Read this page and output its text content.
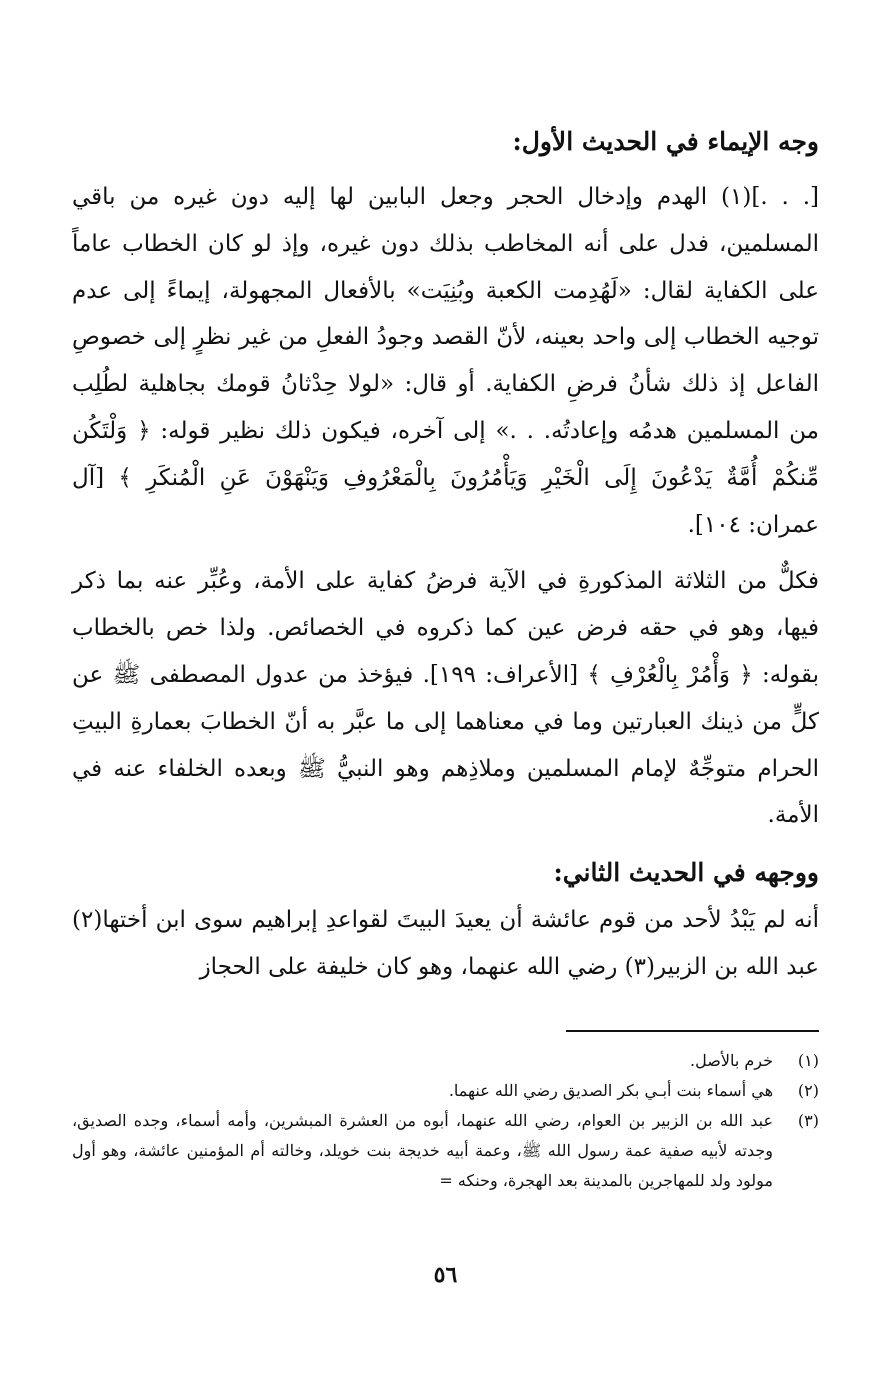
وجه الإيماء في الحديث الأول:

[. . .](١) الهدم وإدخال الحجر وجعل البابين لها إليه دون غيره من باقي المسلمين، فدل على أنه المخاطب بذلك دون غيره، وإذ لو كان الخطاب عاماً على الكفاية لقال: «لَهُدِمت الكعبة وبُنِيَت» بالأفعال المجهولة، إيماءً إلى عدم توجيه الخطاب إلى واحد بعينه، لأنّ القصد وجودُ الفعلِ من غير نظرٍ إلى خصوصِ الفاعل إذ ذلك شأنُ فرضِ الكفاية. أو قال: «لولا حِدْثانُ قومك بجاهلية لطُلِب من المسلمين هدمُه وإعادتُه. . .» إلى آخره، فيكون ذلك نظير قوله: ﴿ وَلْتَكُن مِّنكُمْ أُمَّةٌ يَدْعُونَ إِلَى الْخَيْرِ وَيَأْمُرُونَ بِالْمَعْرُوفِ وَيَنْهَوْنَ عَنِ الْمُنكَرِ ﴾ [آل عمران: ١٠٤].

فكلٌّ من الثلاثة المذكورةِ في الآية فرضُ كفاية على الأمة، وعُبِّر عنه بما ذكر فيها، وهو في حقه فرض عين كما ذكروه في الخصائص. ولذا خص بالخطاب بقوله: ﴿ وَأْمُرْ بِالْعُرْفِ ﴾ [الأعراف: ١٩٩]. فيؤخذ من عدول المصطفى ﷺ عن كلٍّ من ذينك العبارتين وما في معناهما إلى ما عبَّر به أنّ الخطابَ بعمارةِ البيتِ الحرام متوجِّهٌ لإمام المسلمين وملاذِهم وهو النبيُّ ﷺ وبعده الخلفاء عنه في الأمة.

ووجهه في الحديث الثاني:

أنه لم يَبْدُ لأحد من قوم عائشة أن يعيدَ البيتَ لقواعدِ إبراهيم سوى ابن أختها(٢) عبد الله بن الزبير(٣) رضي الله عنهما، وهو كان خليفة على الحجاز

(١)
خرم بالأصل.
(٢)
هي أسماء بنت أبـي بكر الصديق رضي الله عنهما.
(٣)
عبد الله بن الزبير بن العوام، رضي الله عنهما، أبوه من العشرة المبشرين، وأمه أسماء، وجده الصديق، وجدته لأبيه صفية عمة رسول الله ﷺ، وعمة أبيه خديجة بنت خويلد، وخالته أم المؤمنين عائشة، وهو أول مولود ولد للمهاجرين بالمدينة بعد الهجرة، وحنكه =
٥٦
